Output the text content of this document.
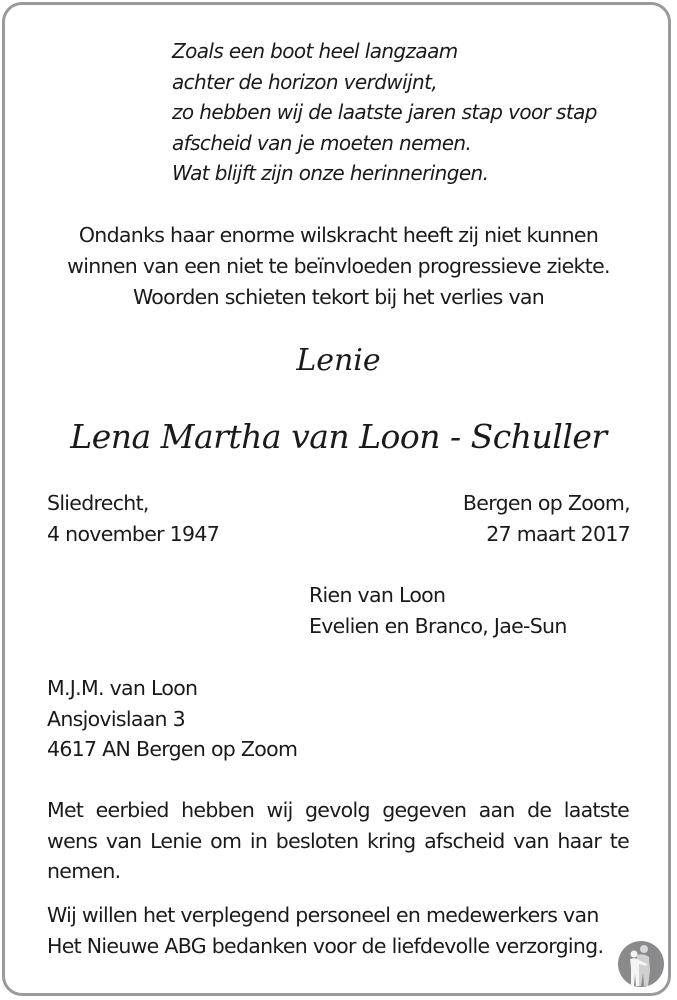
Zoals een boot heel langzaam
achter de horizon verdwijnt,
zo hebben wij de laatste jaren stap voor stap
afscheid van je moeten nemen.
Wat blijft zijn onze herinneringen.
Ondanks haar enorme wilskracht heeft zij niet kunnen
winnen van een niet te beïnvloeden progressieve ziekte.
Woorden schieten tekort bij het verlies van
Lenie
Lena Martha van Loon - Schuller
Sliedrecht,
4 november 1947
Bergen op Zoom,
27 maart 2017
Rien van Loon
Evelien en Branco, Jae-Sun
M.J.M. van Loon
Ansjovislaan 3
4617 AN Bergen op Zoom
Met eerbied hebben wij gevolg gegeven aan de laatste wens van Lenie om in besloten kring afscheid van haar te nemen.
Wij willen het verplegend personeel en medewerkers van Het Nieuwe ABG bedanken voor de liefdevolle verzorging.
